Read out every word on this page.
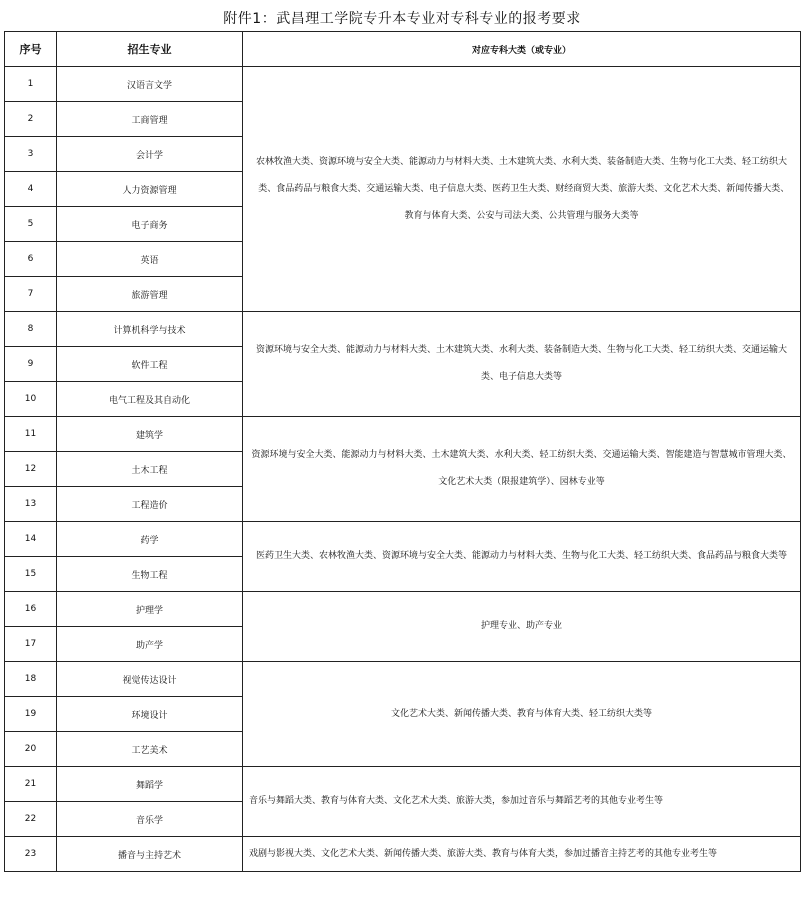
附件1：武昌理工学院专升本专业对专科专业的报考要求
序号	招生专业	对应专科大类（或专业）
1	汉语言文学	农林牧渔大类、资源环境与安全大类、能源动力与材料大类、土木建筑大类、水利大类、装备制造大类、生物与化工大类、轻工纺织大类、食品药品与粮食大类、交通运输大类、电子信息大类、医药卫生大类、财经商贸大类、旅游大类、文化艺术大类、新闻传播大类、　　教育与体育大类、公安与司法大类、公共管理与服务大类等
2	工商管理	
3	会计学	
4	人力资源管理	
5	电子商务	
6	英语	
7	旅游管理	
8	计算机科学与技术	资源环境与安全大类、能源动力与材料大类、土木建筑大类、水利大类、装备制造大类、生物与化工大类、轻工纺织大类、交通运输大类、电子信息大类等
9	软件工程	
10	电气工程及其自动化	
11	建筑学	资源环境与安全大类、能源动力与材料大类、土木建筑大类、水利大类、轻工纺织大类、交通运输大类、智能建造与智慧城市管理大类、文化艺术大类（限报建筑学）、园林专业等
12	土木工程	
13	工程造价	
14	药学	医药卫生大类、农林牧渔大类、资源环境与安全大类、能源动力与材料大类、生物与化工大类、轻工纺织大类、食品药品与粮食大类等
15	生物工程	
16	护理学	护理专业、助产专业
17	助产学	
18	视觉传达设计	文化艺术大类、新闻传播大类、教育与体育大类、轻工纺织大类等
19	环境设计	
20	工艺美术	
21	舞蹈学	音乐与舞蹈大类、教育与体育大类、文化艺术大类、旅游大类，参加过音乐与舞蹈艺考的其他专业考生等
22	音乐学	
23	播音与主持艺术	戏剧与影视大类、文化艺术大类、新闻传播大类、旅游大类、教育与体育大类，参加过播音主持艺考的其他专业考生等
